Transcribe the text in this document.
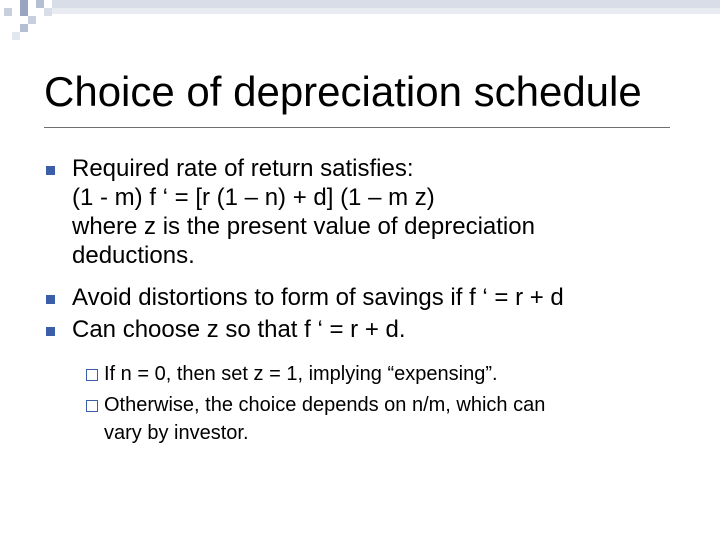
Choice of depreciation schedule
Required rate of return satisfies:
(1 - m) f ‘ = [r (1 – n) + d] (1 – m z)
where z is the present value of depreciation
deductions.
Avoid distortions to form of savings if f ‘ = r + d
Can choose z so that f ‘ = r + d.
If n = 0, then set z = 1, implying “expensing”.
Otherwise, the choice depends on n/m, which can
vary by investor.
